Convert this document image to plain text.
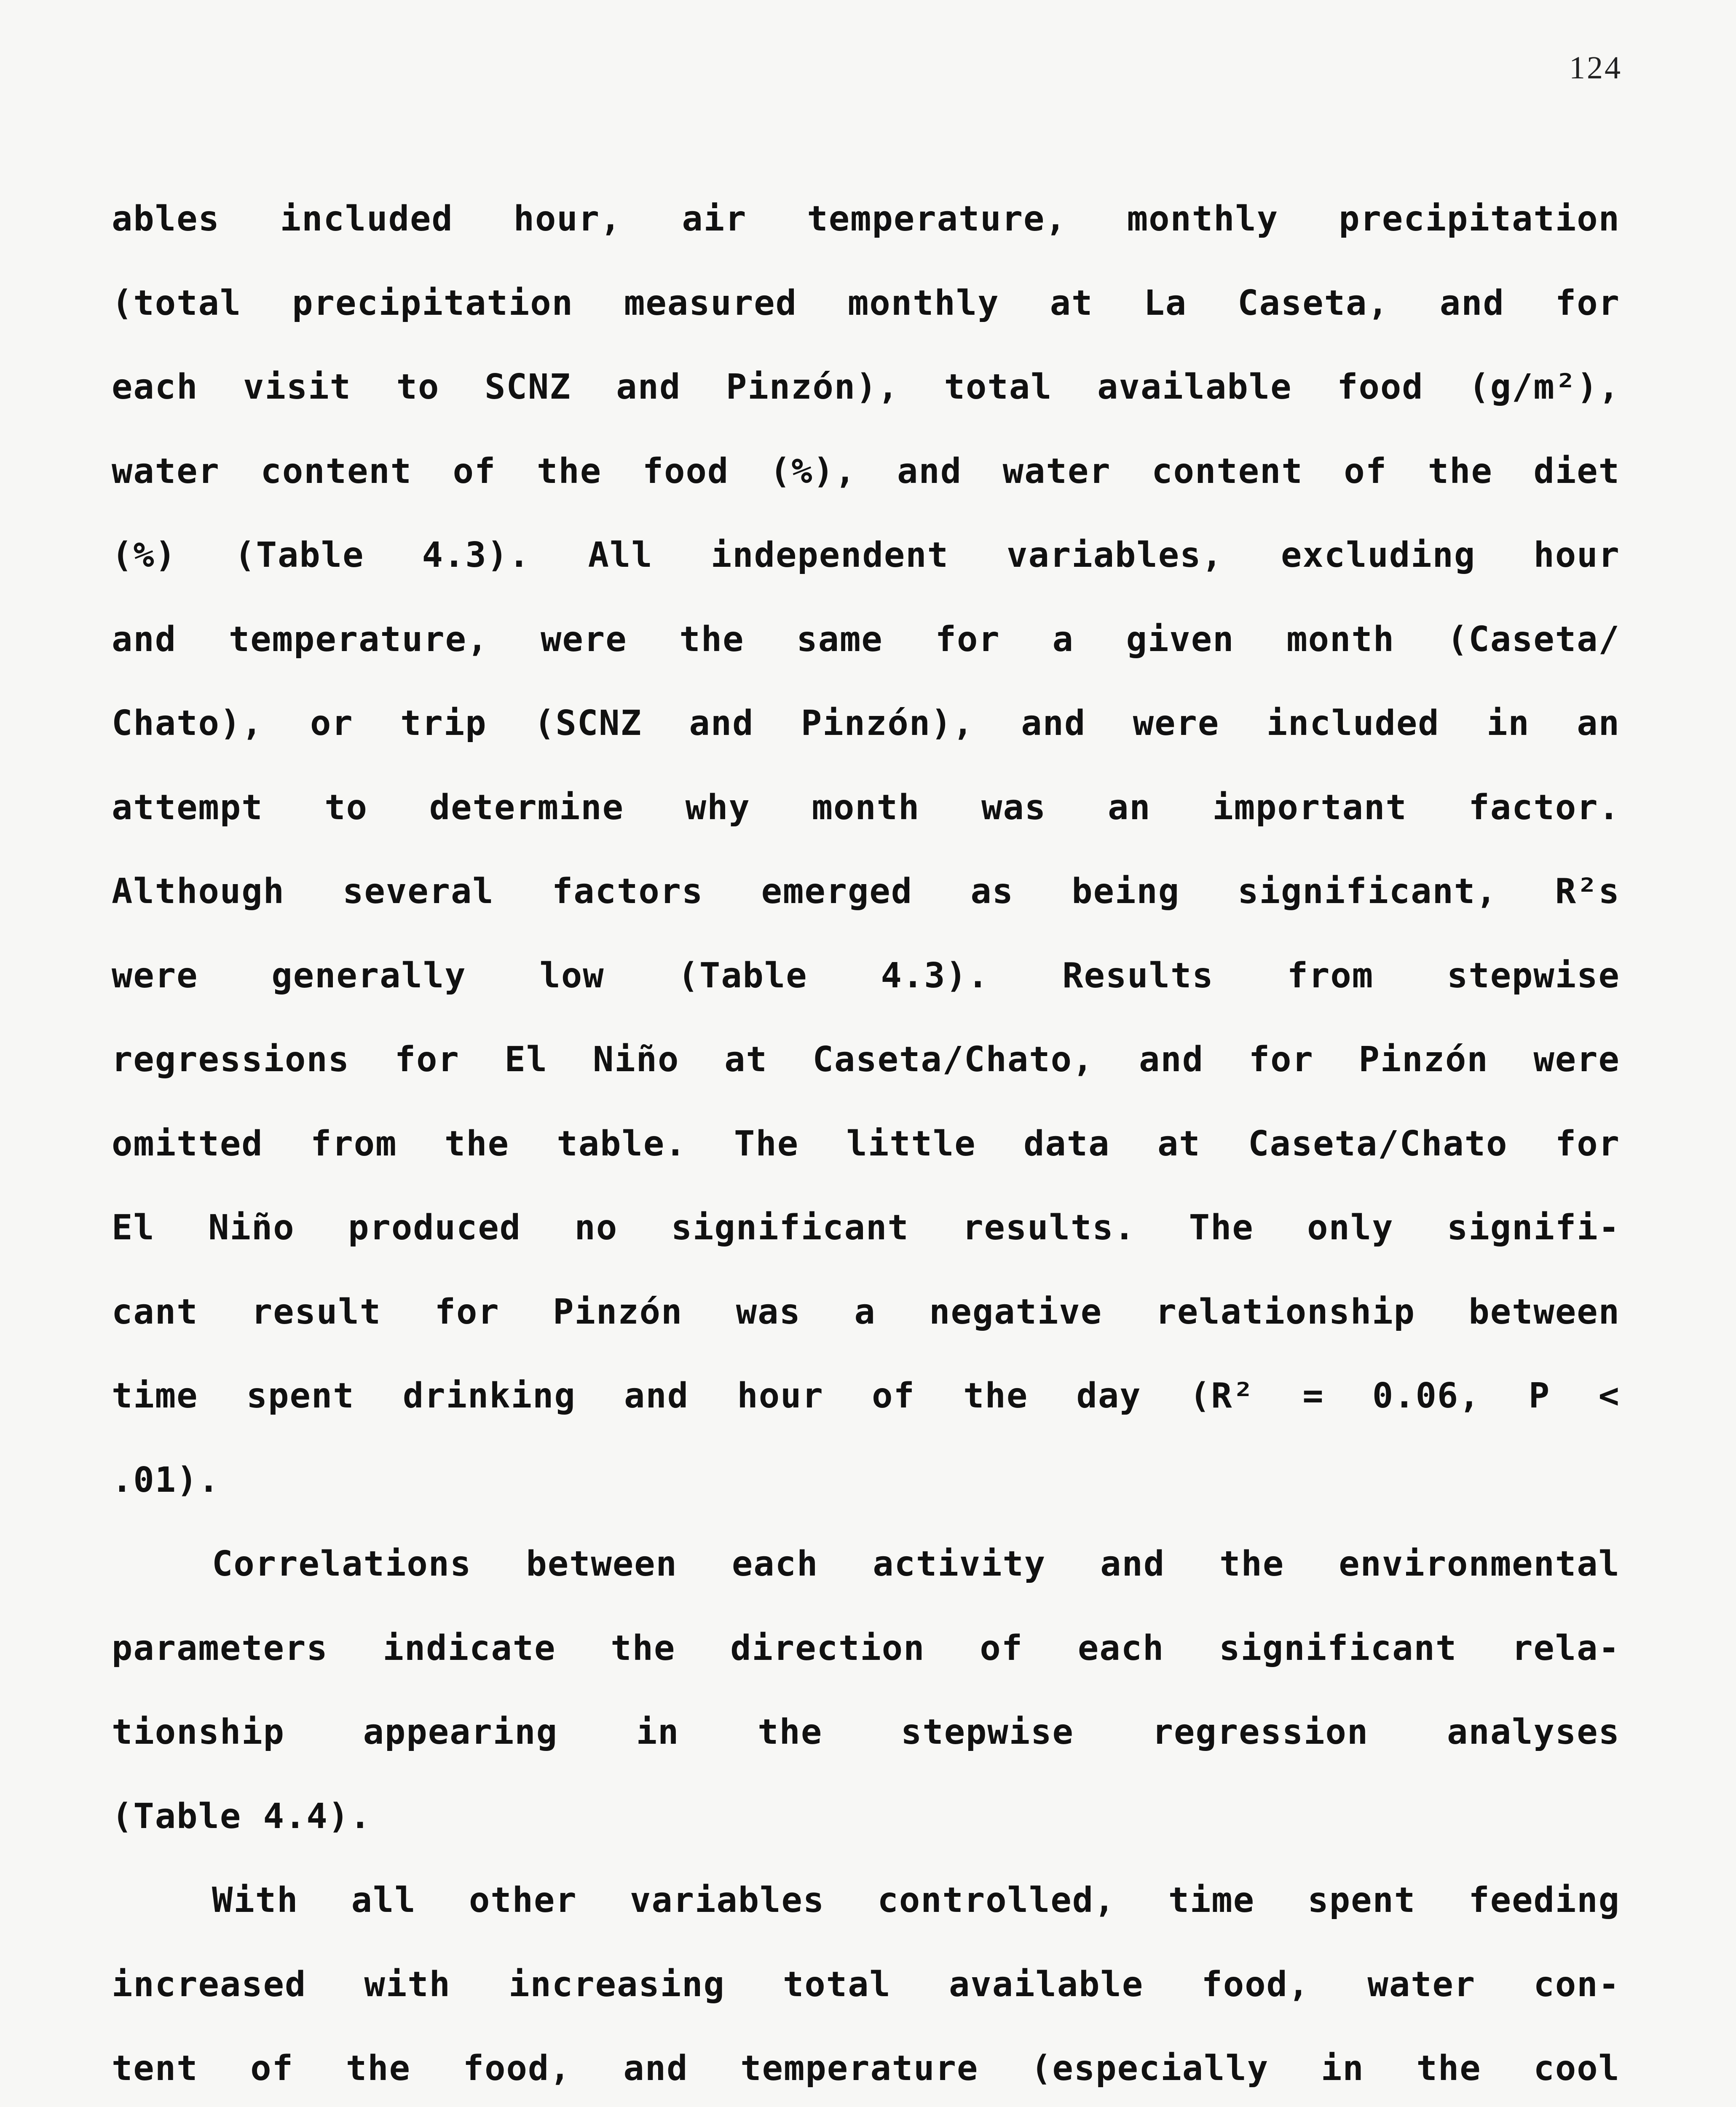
124
ables included hour, air temperature, monthly precipitation
(total precipitation measured monthly at La Caseta, and for
each visit to SCNZ and Pinzón), total available food (g/m²),
water content of the food (%), and water content of the diet
(%) (Table 4.3). All independent variables, excluding hour
and temperature, were the same for a given month (Caseta/
Chato), or trip (SCNZ and Pinzón), and were included in an
attempt to determine why month was an important factor.
Although several factors emerged as being significant, R²s
were generally low (Table 4.3). Results from stepwise
regressions for El Niño at Caseta/Chato, and for Pinzón were
omitted from the table. The little data at Caseta/Chato for
El Niño produced no significant results. The only signifi-
cant result for Pinzón was a negative relationship between
time spent drinking and hour of the day (R² = 0.06, P <
.01).
Correlations between each activity and the environmental
parameters indicate the direction of each significant rela-
tionship appearing in the stepwise regression analyses
(Table 4.4).
With all other variables controlled, time spent feeding
increased with increasing total available food, water con-
tent of the food, and temperature (especially in the cool
